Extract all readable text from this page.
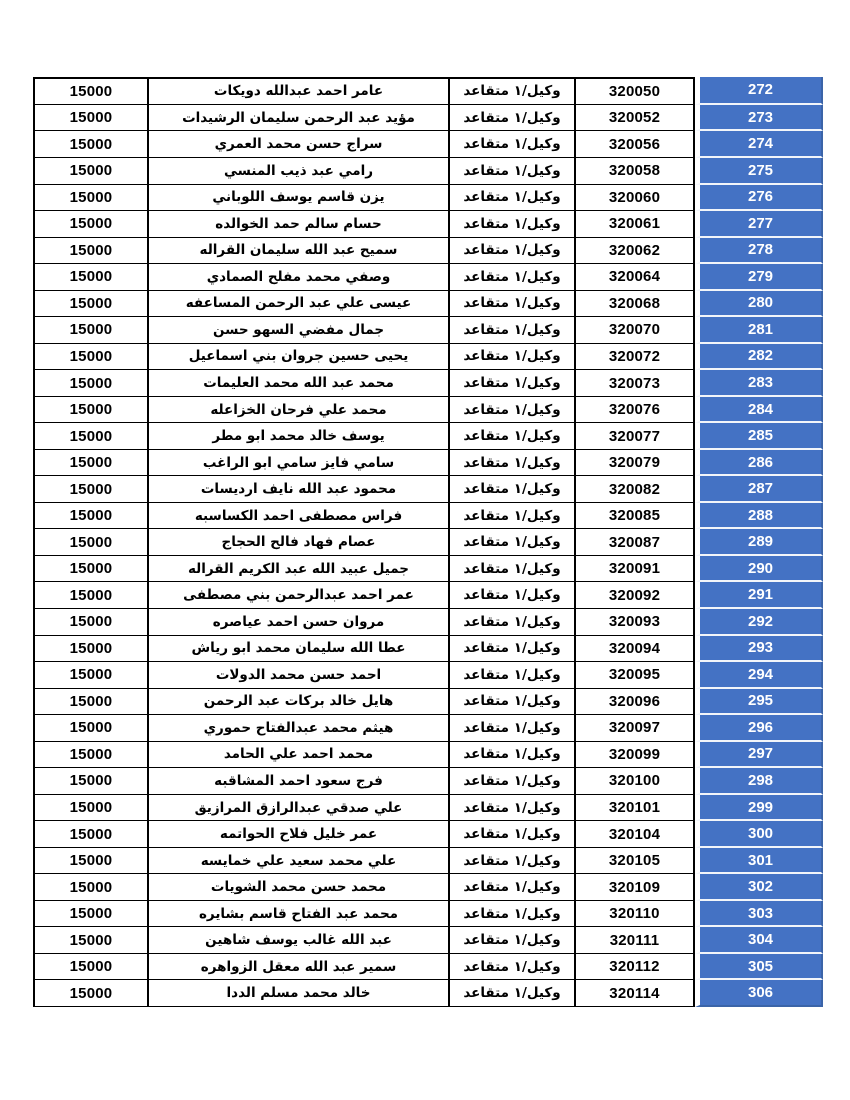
15000	عامر احمد عبدالله دويكات	وكيل/١ متقاعد	320050	272
15000	مؤيد عبد الرحمن سليمان الرشيدات	وكيل/١ متقاعد	320052	273
15000	سراج حسن محمد العمري	وكيل/١ متقاعد	320056	274
15000	رامي عبد ذيب المنسي	وكيل/١ متقاعد	320058	275
15000	يزن قاسم يوسف اللوباني	وكيل/١ متقاعد	320060	276
15000	حسام سالم حمد الخوالده	وكيل/١ متقاعد	320061	277
15000	سميح عبد الله سليمان القراله	وكيل/١ متقاعد	320062	278
15000	وصفي محمد مفلح الصمادي	وكيل/١ متقاعد	320064	279
15000	عيسى علي عبد الرحمن المساعفه	وكيل/١ متقاعد	320068	280
15000	جمال مفضي السهو حسن	وكيل/١ متقاعد	320070	281
15000	يحيى حسين جروان بني اسماعيل	وكيل/١ متقاعد	320072	282
15000	محمد عبد الله محمد العليمات	وكيل/١ متقاعد	320073	283
15000	محمد علي فرحان الخزاعله	وكيل/١ متقاعد	320076	284
15000	يوسف خالد محمد ابو مطر	وكيل/١ متقاعد	320077	285
15000	سامي فايز سامي ابو الراغب	وكيل/١ متقاعد	320079	286
15000	محمود عبد الله نايف ارديسات	وكيل/١ متقاعد	320082	287
15000	فراس مصطفى احمد الكساسبه	وكيل/١ متقاعد	320085	288
15000	عصام فهاد فالح الحجاج	وكيل/١ متقاعد	320087	289
15000	جميل عبيد الله عبد الكريم القراله	وكيل/١ متقاعد	320091	290
15000	عمر احمد عبدالرحمن بني مصطفى	وكيل/١ متقاعد	320092	291
15000	مروان حسن احمد عياصره	وكيل/١ متقاعد	320093	292
15000	عطا الله سليمان محمد ابو رياش	وكيل/١ متقاعد	320094	293
15000	احمد حسن محمد الدولات	وكيل/١ متقاعد	320095	294
15000	هايل خالد بركات عبد الرحمن	وكيل/١ متقاعد	320096	295
15000	هيثم محمد عبدالفتاح حموري	وكيل/١ متقاعد	320097	296
15000	محمد احمد علي الحامد	وكيل/١ متقاعد	320099	297
15000	فرج سعود احمد المشاقبه	وكيل/١ متقاعد	320100	298
15000	علي صدقي عبدالرازق المرازيق	وكيل/١ متقاعد	320101	299
15000	عمر خليل فلاح الحواتمه	وكيل/١ متقاعد	320104	300
15000	علي محمد سعيد علي خمايسه	وكيل/١ متقاعد	320105	301
15000	محمد حسن محمد الشويات	وكيل/١ متقاعد	320109	302
15000	محمد عبد الفتاح قاسم بشايره	وكيل/١ متقاعد	320110	303
15000	عبد الله غالب يوسف شاهين	وكيل/١ متقاعد	320111	304
15000	سمير عبد الله معقل الزواهره	وكيل/١ متقاعد	320112	305
15000	خالد محمد مسلم الددا	وكيل/١ متقاعد	320114	306
